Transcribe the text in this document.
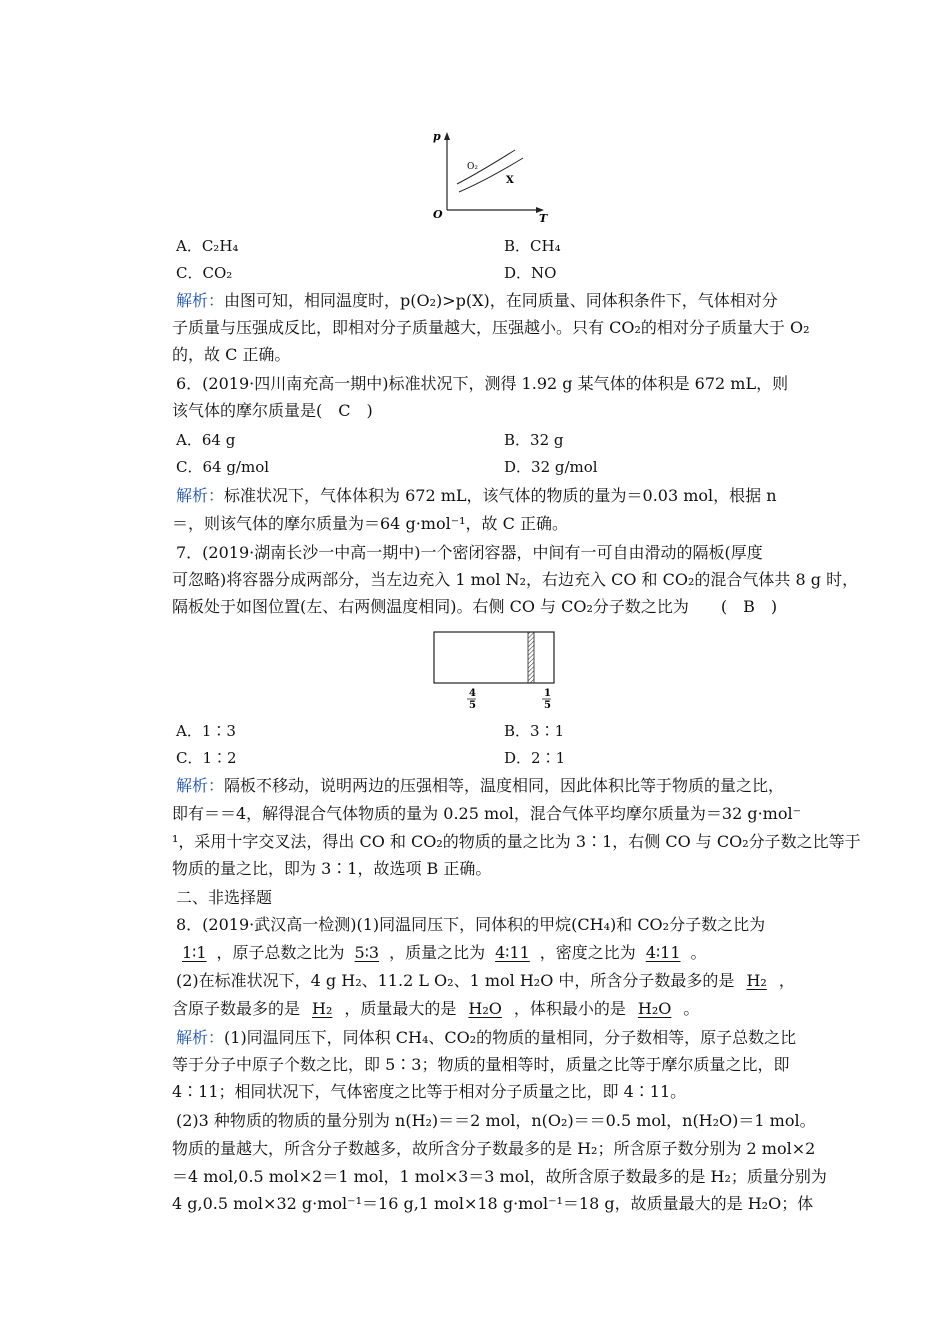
p
T
O
O₂
X
A．C₂H₄	B．CH₄
C．CO₂	D．NO
解析：由图可知，相同温度时，p(O₂)>p(X)，在同质量、同体积条件下，气体相对分
子质量与压强成反比，即相对分子质量越大，压强越小。只有 CO₂的相对分子质量大于 O₂
的，故 C 正确。
6．(2019·四川南充高一期中)标准状况下，测得 1.92 g 某气体的体积是 672 mL，则
该气体的摩尔质量是(　C　)
A．64 g	B．32 g
C．64 g/mol	D．32 g/mol
解析：标准状况下，气体体积为 672 mL，该气体的物质的量为＝0.03 mol，根据 n
＝，则该气体的摩尔质量为＝64 g·mol⁻¹，故 C 正确。
7．(2019·湖南长沙一中高一期中)一个密闭容器，中间有一可自由滑动的隔板(厚度
可忽略)将容器分成两部分，当左边充入 1 mol N₂，右边充入 CO 和 CO₂的混合气体共 8 g 时，
隔板处于如图位置(左、右两侧温度相同)。右侧 CO 与 CO₂分子数之比为　　(　B　)
4
5
1
5
A．1∶3	B．3∶1
C．1∶2	D．2∶1
解析：隔板不移动，说明两边的压强相等，温度相同，因此体积比等于物质的量之比，
即有＝＝4，解得混合气体物质的量为 0.25 mol，混合气体平均摩尔质量为＝32 g·mol⁻
¹，采用十字交叉法，得出 CO 和 CO₂的物质的量之比为 3∶1，右侧 CO 与 CO₂分子数之比等于
物质的量之比，即为 3∶1，故选项 B 正确。
二、非选择题
8．(2019·武汉高一检测)(1)同温同压下，同体积的甲烷(CH₄)和 CO₂分子数之比为
1∶1 ，原子总数之比为 5∶3 ，质量之比为 4∶11 ，密度之比为 4∶11 。
(2)在标准状况下，4 g H₂、11.2 L O₂、1 mol H₂O 中，所含分子数最多的是 H₂ ，
含原子数最多的是 H₂ ，质量最大的是 H₂O ，体积最小的是 H₂O 。
解析：(1)同温同压下，同体积 CH₄、CO₂的物质的量相同，分子数相等，原子总数之比
等于分子中原子个数之比，即 5∶3；物质的量相等时，质量之比等于摩尔质量之比，即
4∶11；相同状况下，气体密度之比等于相对分子质量之比，即 4∶11。
(2)3 种物质的物质的量分别为 n(H₂)＝＝2 mol，n(O₂)＝＝0.5 mol，n(H₂O)＝1 mol。
物质的量越大，所含分子数越多，故所含分子数最多的是 H₂；所含原子数分别为 2 mol×2
＝4 mol,0.5 mol×2＝1 mol，1 mol×3＝3 mol，故所含原子数最多的是 H₂；质量分别为
4 g,0.5 mol×32 g·mol⁻¹＝16 g,1 mol×18 g·mol⁻¹＝18 g，故质量最大的是 H₂O；体
